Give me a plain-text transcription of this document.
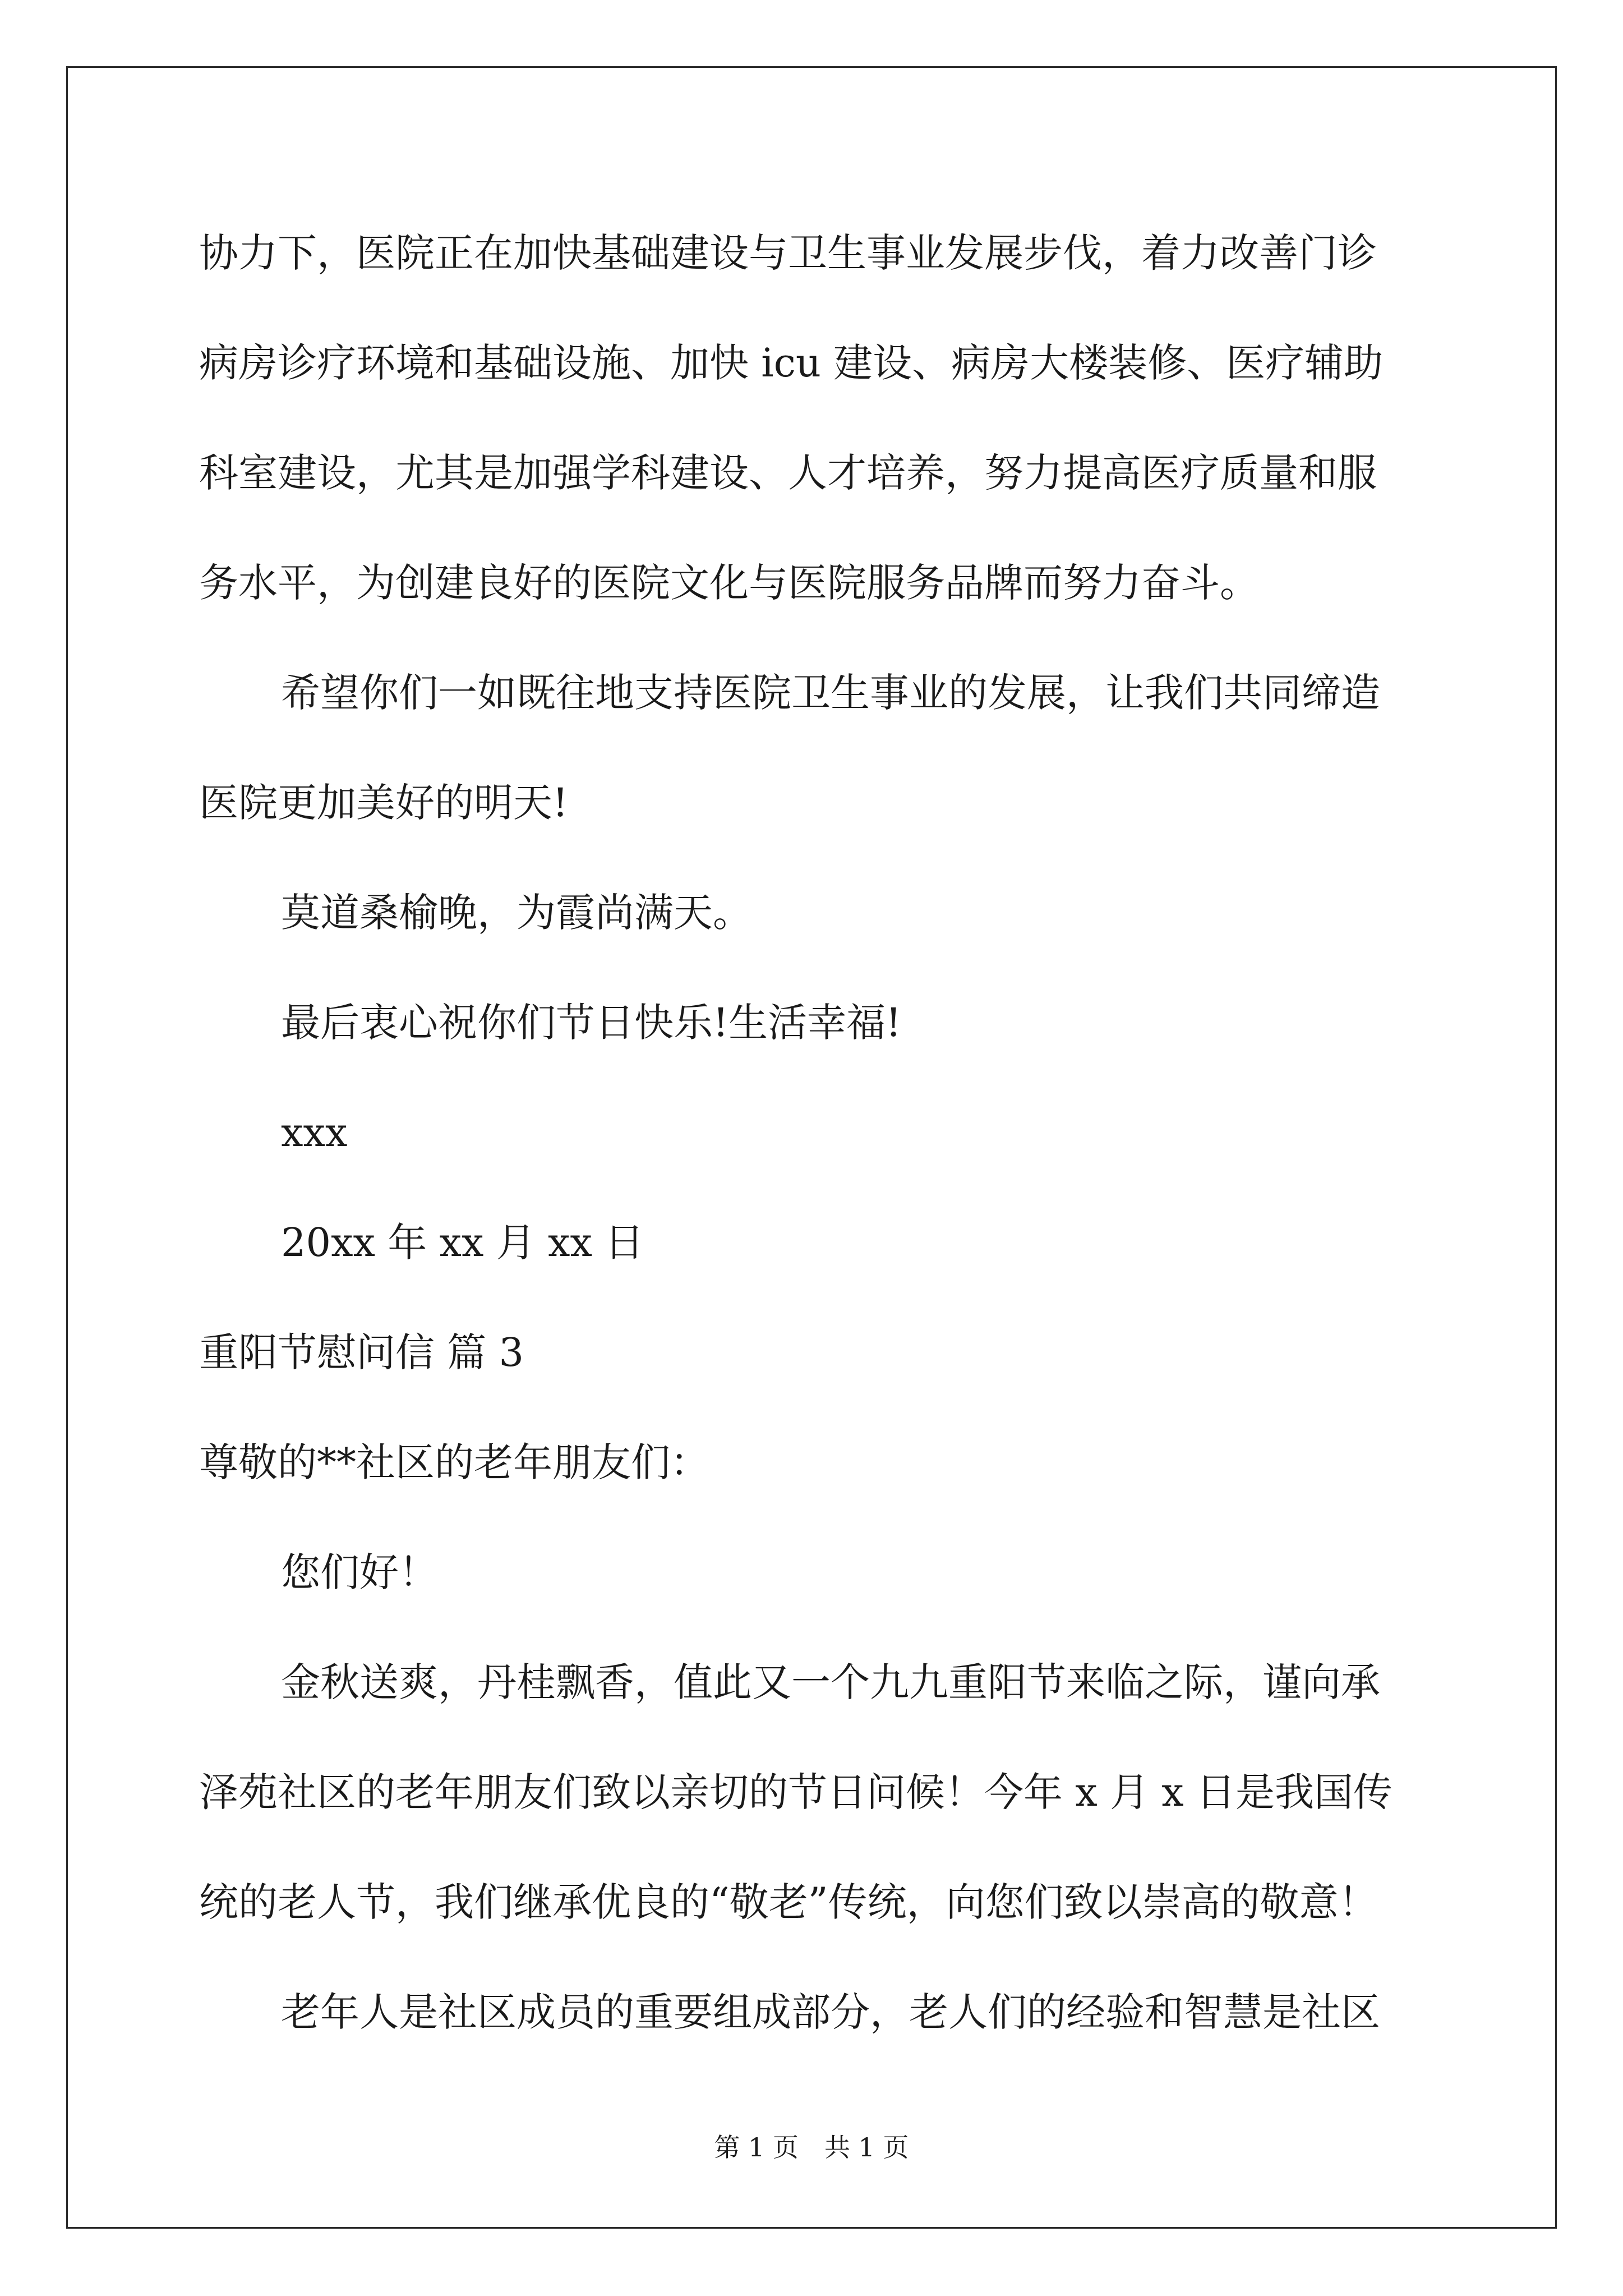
协力下，医院正在加快基础建设与卫生事业发展步伐，着力改善门诊
病房诊疗环境和基础设施、加快 icu 建设、病房大楼装修、医疗辅助
科室建设，尤其是加强学科建设、人才培养，努力提高医疗质量和服
务水平，为创建良好的医院文化与医院服务品牌而努力奋斗。
希望你们一如既往地支持医院卫生事业的发展，让我们共同缔造
医院更加美好的明天!
莫道桑榆晚，为霞尚满天。
最后衷心祝你们节日快乐!生活幸福!
xxx
20xx 年 xx 月 xx 日
重阳节慰问信 篇 3
尊敬的**社区的老年朋友们：
您们好！
金秋送爽，丹桂飘香，值此又一个九九重阳节来临之际，谨向承
泽苑社区的老年朋友们致以亲切的节日问候！今年 x 月 x 日是我国传
统的老人节，我们继承优良的“敬老”传统，向您们致以崇高的敬意！
老年人是社区成员的重要组成部分，老人们的经验和智慧是社区
第 1 页 共 1 页
